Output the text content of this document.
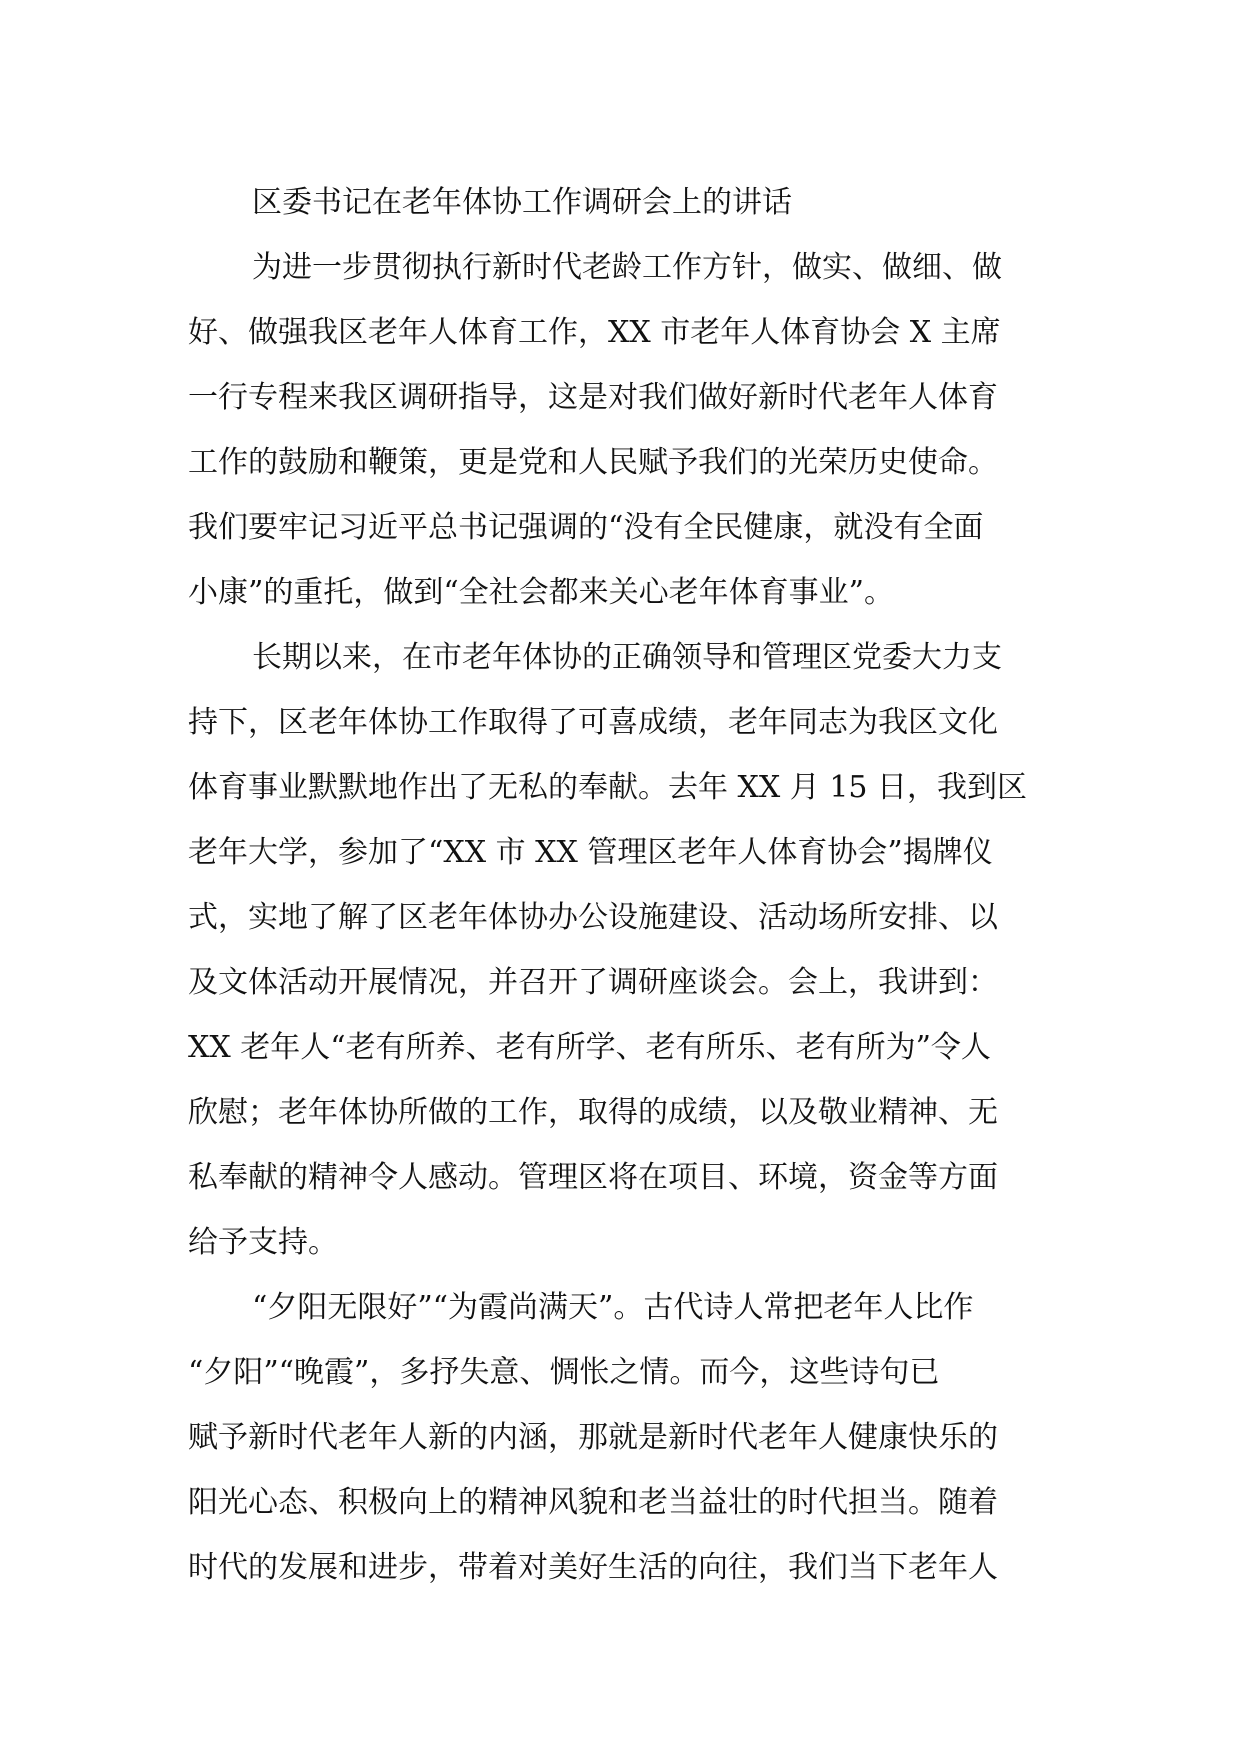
区委书记在老年体协工作调研会上的讲话
为进一步贯彻执行新时代老龄工作方针，做实、做细、做
好、做强我区老年人体育工作，XX 市老年人体育协会 X 主席
一行专程来我区调研指导，这是对我们做好新时代老年人体育
工作的鼓励和鞭策，更是党和人民赋予我们的光荣历史使命。
我们要牢记习近平总书记强调的“没有全民健康，就没有全面
小康”的重托，做到“全社会都来关心老年体育事业”。
长期以来，在市老年体协的正确领导和管理区党委大力支
持下，区老年体协工作取得了可喜成绩，老年同志为我区文化
体育事业默默地作出了无私的奉献。去年 XX 月 15 日，我到区
老年大学，参加了“XX 市 XX 管理区老年人体育协会”揭牌仪
式，实地了解了区老年体协办公设施建设、活动场所安排、以
及文体活动开展情况，并召开了调研座谈会。会上，我讲到：
XX 老年人“老有所养、老有所学、老有所乐、老有所为”令人
欣慰；老年体协所做的工作，取得的成绩，以及敬业精神、无
私奉献的精神令人感动。管理区将在项目、环境，资金等方面
给予支持。
“夕阳无限好”“为霞尚满天”。古代诗人常把老年人比作
“夕阳”“晚霞”，多抒失意、惆怅之情。而今，这些诗句已
赋予新时代老年人新的内涵，那就是新时代老年人健康快乐的
阳光心态、积极向上的精神风貌和老当益壮的时代担当。随着
时代的发展和进步，带着对美好生活的向往，我们当下老年人
